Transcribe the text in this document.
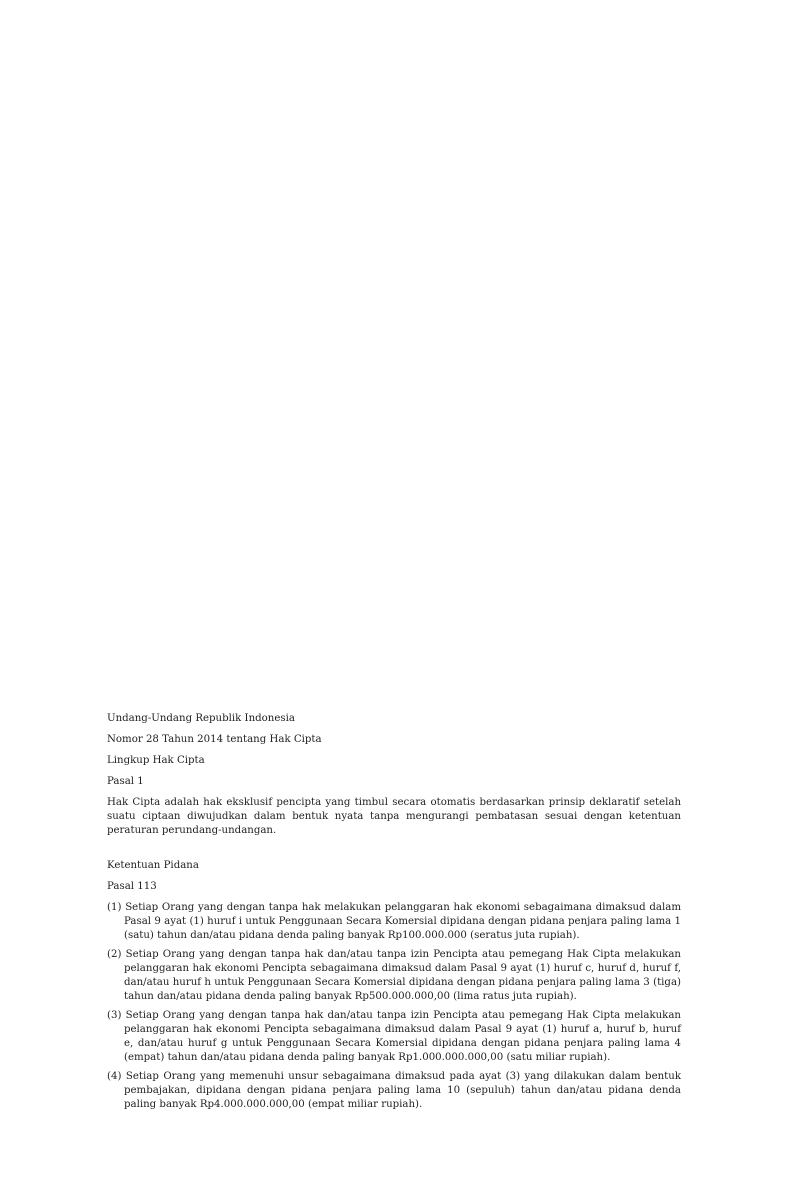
Undang-Undang Republik Indonesia
Nomor 28 Tahun 2014 tentang Hak Cipta
Lingkup Hak Cipta
Pasal 1
Hak Cipta adalah hak eksklusif pencipta yang timbul secara otomatis berdasarkan prinsip deklaratif setelah suatu ciptaan diwujudkan dalam bentuk nyata tanpa mengurangi pembatasan sesuai dengan ketentuan peraturan perundang-undangan.
Ketentuan Pidana
Pasal 113
(1) Setiap Orang yang dengan tanpa hak melakukan pelanggaran hak ekonomi sebagaimana dimaksud dalam Pasal 9 ayat (1) huruf i untuk Penggunaan Secara Komersial dipidana dengan pidana penjara paling lama 1 (satu) tahun dan/atau pidana denda paling banyak Rp100.000.000 (seratus juta rupiah).
(2) Setiap Orang yang dengan tanpa hak dan/atau tanpa izin Pencipta atau pemegang Hak Cipta melakukan pelanggaran hak ekonomi Pencipta sebagaimana dimaksud dalam Pasal 9 ayat (1) huruf c, huruf d, huruf f, dan/atau huruf h untuk Penggunaan Secara Komersial dipidana dengan pidana penjara paling lama 3 (tiga) tahun dan/atau pidana denda paling banyak Rp500.000.000,00 (lima ratus juta rupiah).
(3) Setiap Orang yang dengan tanpa hak dan/atau tanpa izin Pencipta atau pemegang Hak Cipta melakukan pelanggaran hak ekonomi Pencipta sebagaimana dimaksud dalam Pasal 9 ayat (1) huruf a, huruf b, huruf e, dan/atau huruf g untuk Penggunaan Secara Komersial dipidana dengan pidana penjara paling lama 4 (empat) tahun dan/atau pidana denda paling banyak Rp1.000.000.000,00 (satu miliar rupiah).
(4) Setiap Orang yang memenuhi unsur sebagaimana dimaksud pada ayat (3) yang dilakukan dalam bentuk pembajakan, dipidana dengan pidana penjara paling lama 10 (sepuluh) tahun dan/atau pidana denda paling banyak Rp4.000.000.000,00 (empat miliar rupiah).
